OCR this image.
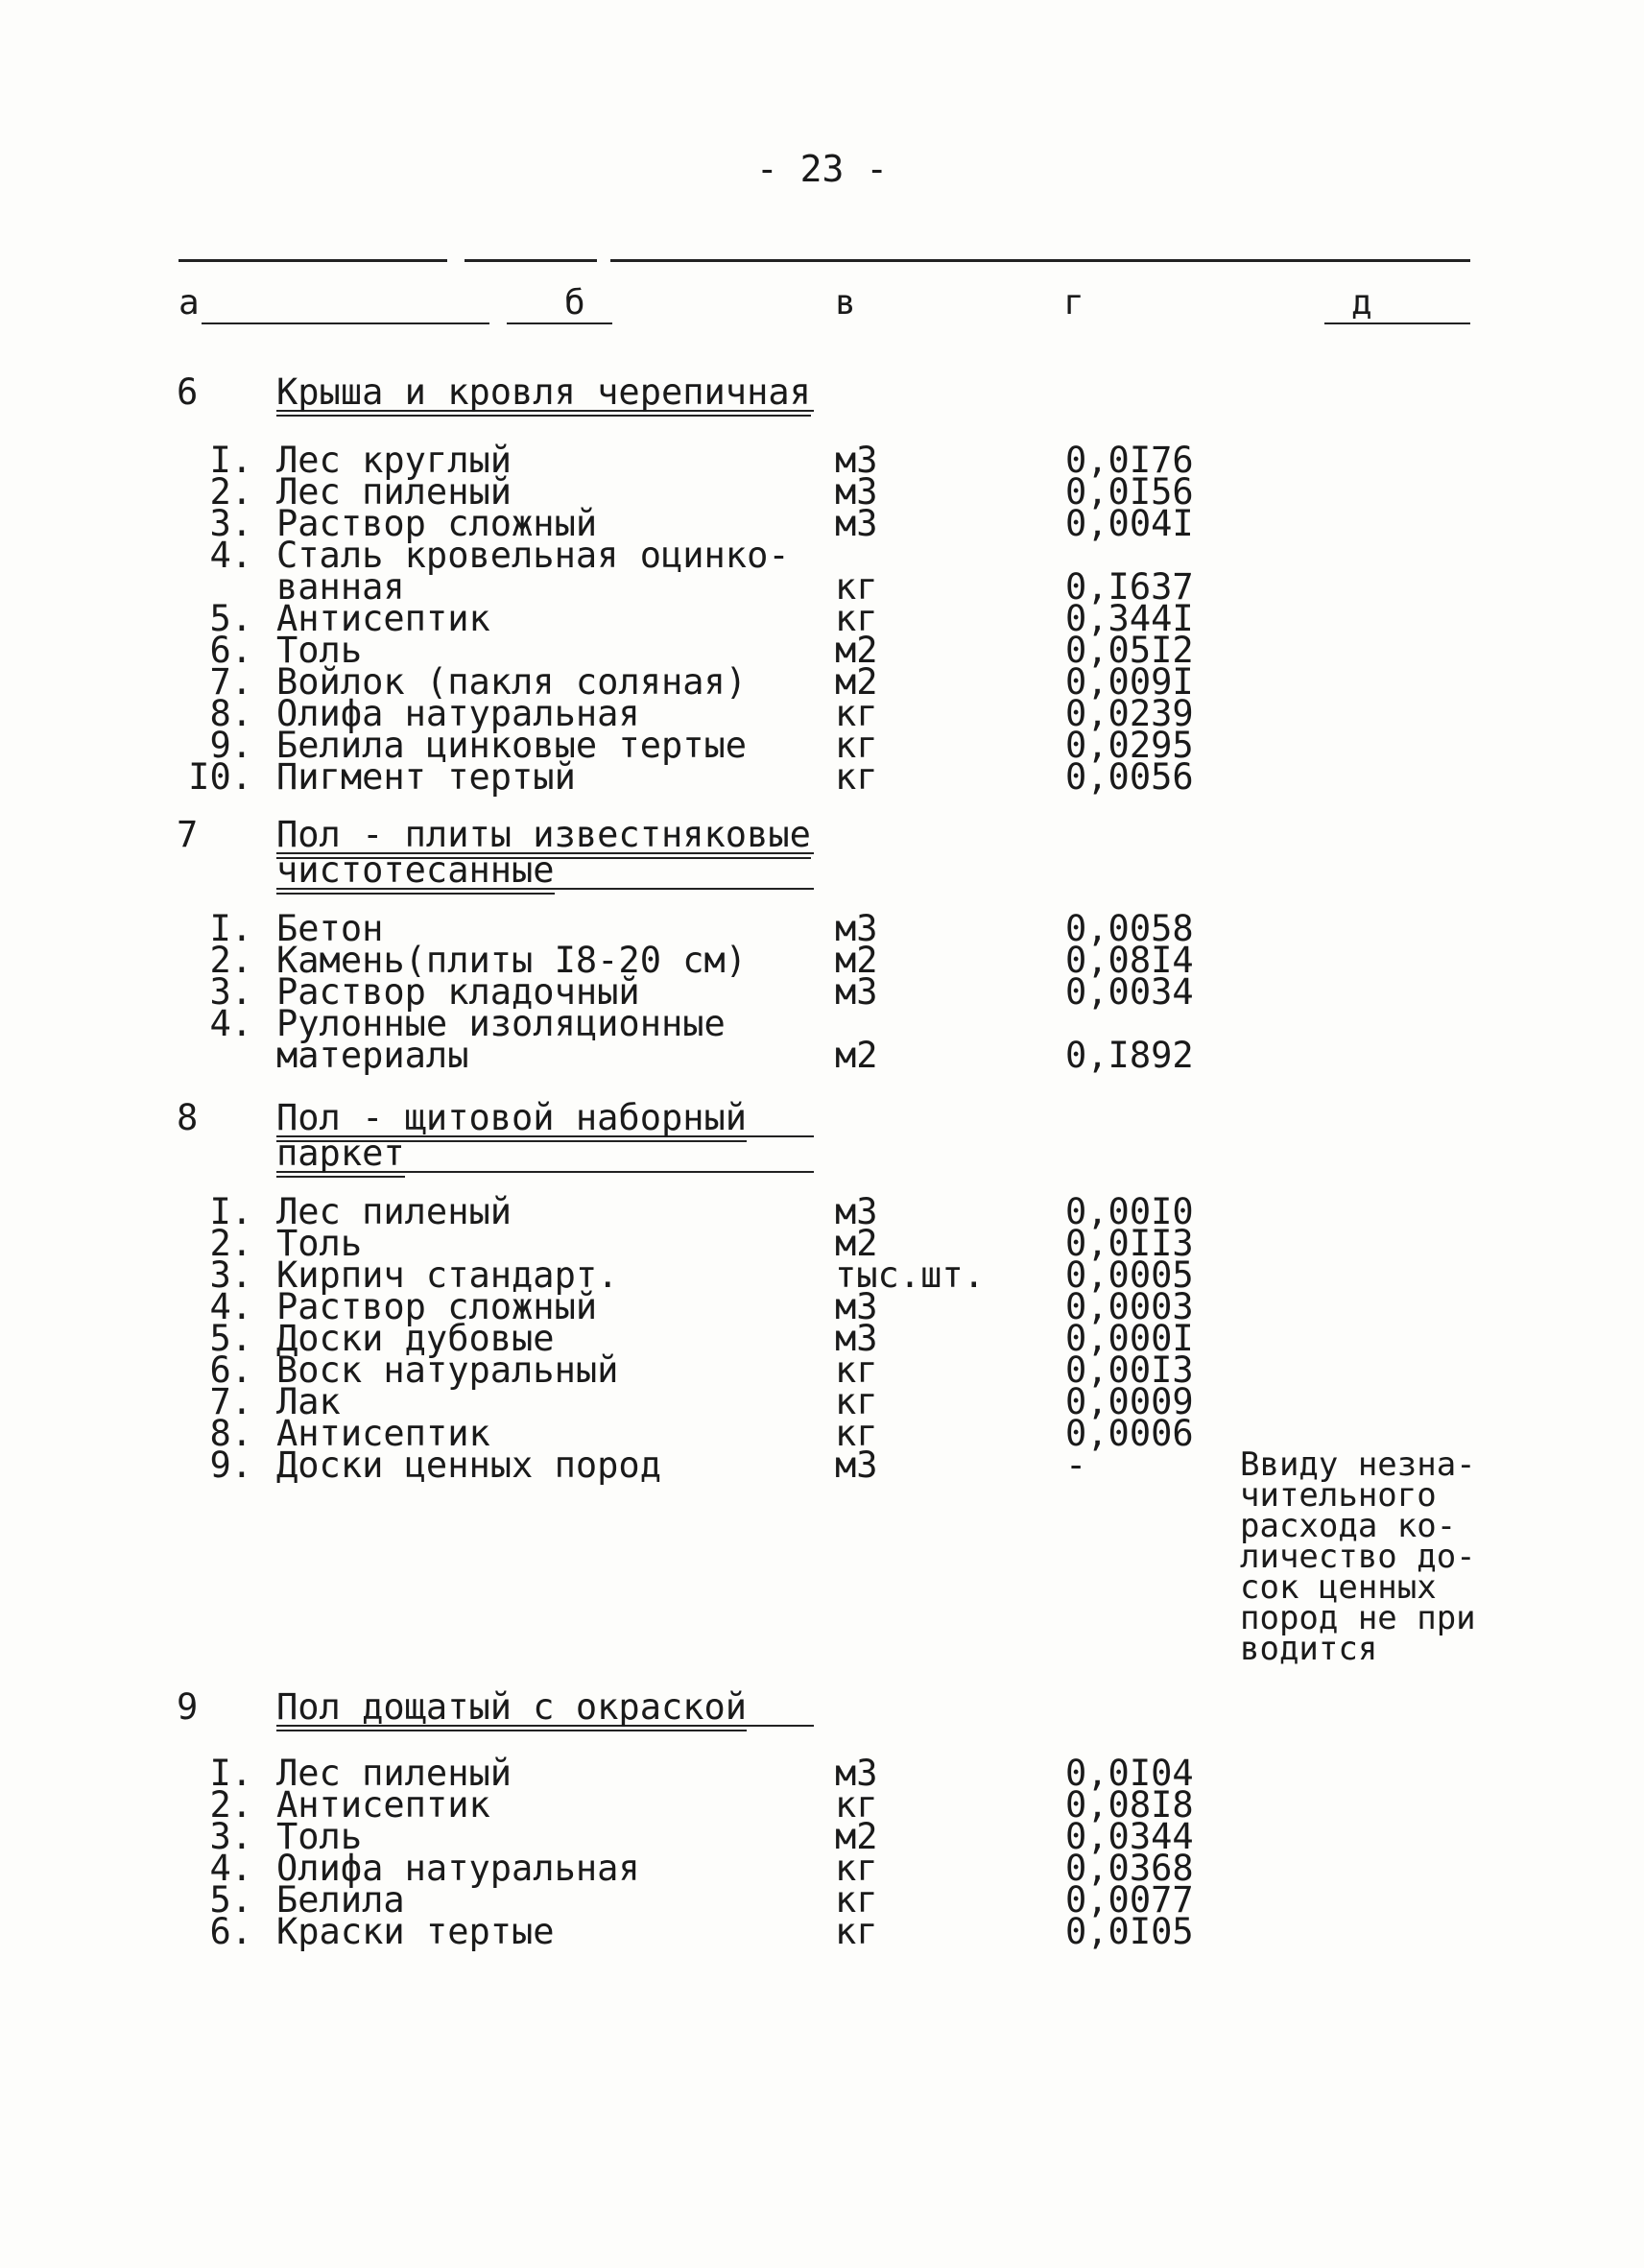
- 23 -
а	б	в	г	д
6 Крыша и кровля черепичная
I. Лес круглый	м3	0,0I76
2. Лес пиленый	м3	0,0I56
3. Раствор сложный	м3	0,004I
4. Сталь кровельная оцинко-
ванная	кг	0,I637
5. Антисептик	кг	0,344I
6. Толь	м2	0,05I2
7. Войлок (пакля соляная) м2	0,009I
8. Олифа натуральная	кг	0,0239
9. Белила цинковые тертые кг	0,0295
I0. Пигмент тертый	кг	0,0056
7 Пол - плиты известняковые
чистотесанные
I. Бетон	м3	0,0058
2. Камень(плиты I8-20 см) м2	0,08I4
3. Раствор кладочный	м3	0,0034
4. Рулонные изоляционные
материалы	м2	0,I892
8 Пол - щитовой наборный
паркет
I. Лес пиленый	м3	0,00I0
2. Толь	м2	0,0II3
3. Кирпич стандарт.	тыс.шт. 0,0005
4. Раствор сложный	м3	0,0003
5. Доски дубовые	м3	0,000I
6. Воск натуральный	кг	0,00I3
7. Лак	кг	0,0009
8. Антисептик	кг	0,0006
9. Доски ценных пород	м3	-	Ввиду незна-
чительного
расхода ко-
личество до-
сок ценных
пород не при
водится
9 Пол дощатый с окраской
I. Лес пиленый	м3	0,0I04
2. Антисептик	кг	0,08I8
3. Толь	м2	0,0344
4. Олифа натуральная	кг	0,0368
5. Белила	кг	0,0077
6. Краски тертые	кг	0,0I05
